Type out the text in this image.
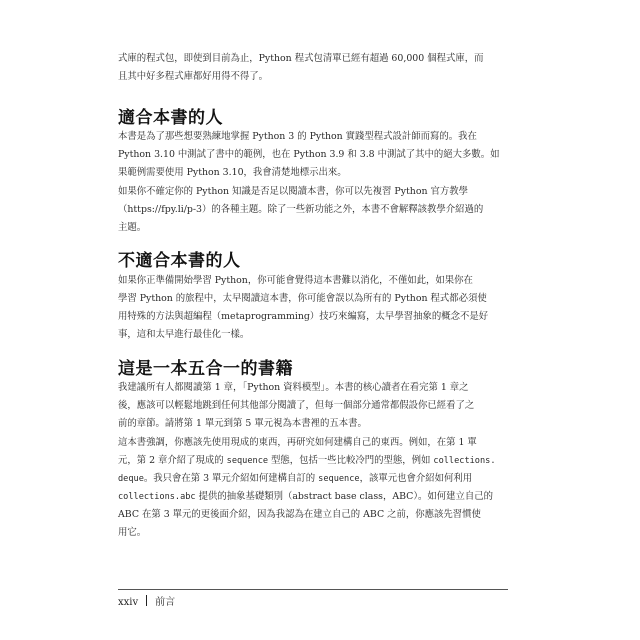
式庫的程式包，即使到目前為止，Python 程式包清單已經有超過 60,000 個程式庫，而
且其中好多程式庫都好用得不得了。
適合本書的人
本書是為了那些想要熟練地掌握 Python 3 的 Python 實踐型程式設計師而寫的。我在
Python 3.10 中測試了書中的範例，也在 Python 3.9 和 3.8 中測試了其中的絕大多數。如
果範例需要使用 Python 3.10，我會清楚地標示出來。
如果你不確定你的 Python 知識是否足以閱讀本書，你可以先複習 Python 官方教學
（https://fpy.li/p-3）的各種主題。除了一些新功能之外，本書不會解釋該教學介紹過的
主題。
不適合本書的人
如果你正準備開始學習 Python，你可能會覺得這本書難以消化，不僅如此，如果你在
學習 Python 的旅程中，太早閱讀這本書，你可能會誤以為所有的 Python 程式都必須使
用特殊的方法與超編程（metaprogramming）技巧來編寫，太早學習抽象的概念不是好
事，這和太早進行最佳化一樣。
這是一本五合一的書籍
我建議所有人都閱讀第 1 章，「Python 資料模型」。本書的核心讀者在看完第 1 章之
後，應該可以輕鬆地跳到任何其他部分閱讀了，但每一個部分通常都假設你已經看了之
前的章節。請將第 1 單元到第 5 單元視為本書裡的五本書。
這本書強調，你應該先使用現成的東西，再研究如何建構自己的東西。例如，在第 1 單
元，第 2 章介紹了現成的 sequence 型態，包括一些比較冷門的型態，例如 collections.
deque。我只會在第 3 單元介紹如何建構自訂的 sequence，該單元也會介紹如何利用
collections.abc 提供的抽象基礎類別（abstract base class，ABC）。如何建立自己的
ABC 在第 3 單元的更後面介紹，因為我認為在建立自己的 ABC 之前，你應該先習慣使
用它。
xxiv 前言
